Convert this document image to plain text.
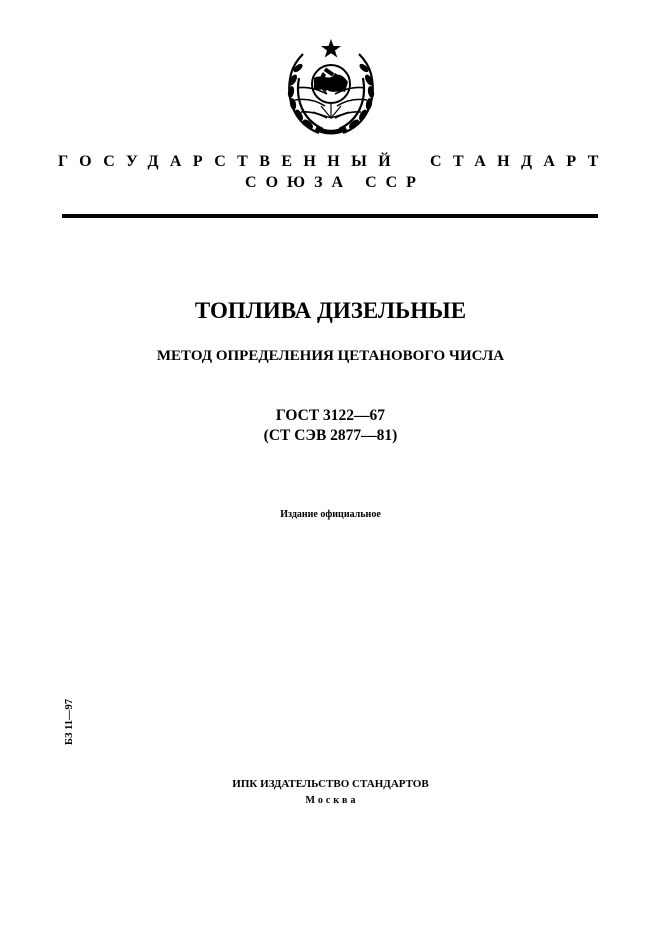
ГОСУДАРСТВЕННЫЙ СТАНДАРТ
СОЮЗА ССР
ТОПЛИВА ДИЗЕЛЬНЫЕ
МЕТОД ОПРЕДЕЛЕНИЯ ЦЕТАНОВОГО ЧИСЛА
ГОСТ 3122—67
(СТ СЭВ 2877—81)
Издание официальное
БЗ 11—97
ИПК ИЗДАТЕЛЬСТВО СТАНДАРТОВ
Москва
